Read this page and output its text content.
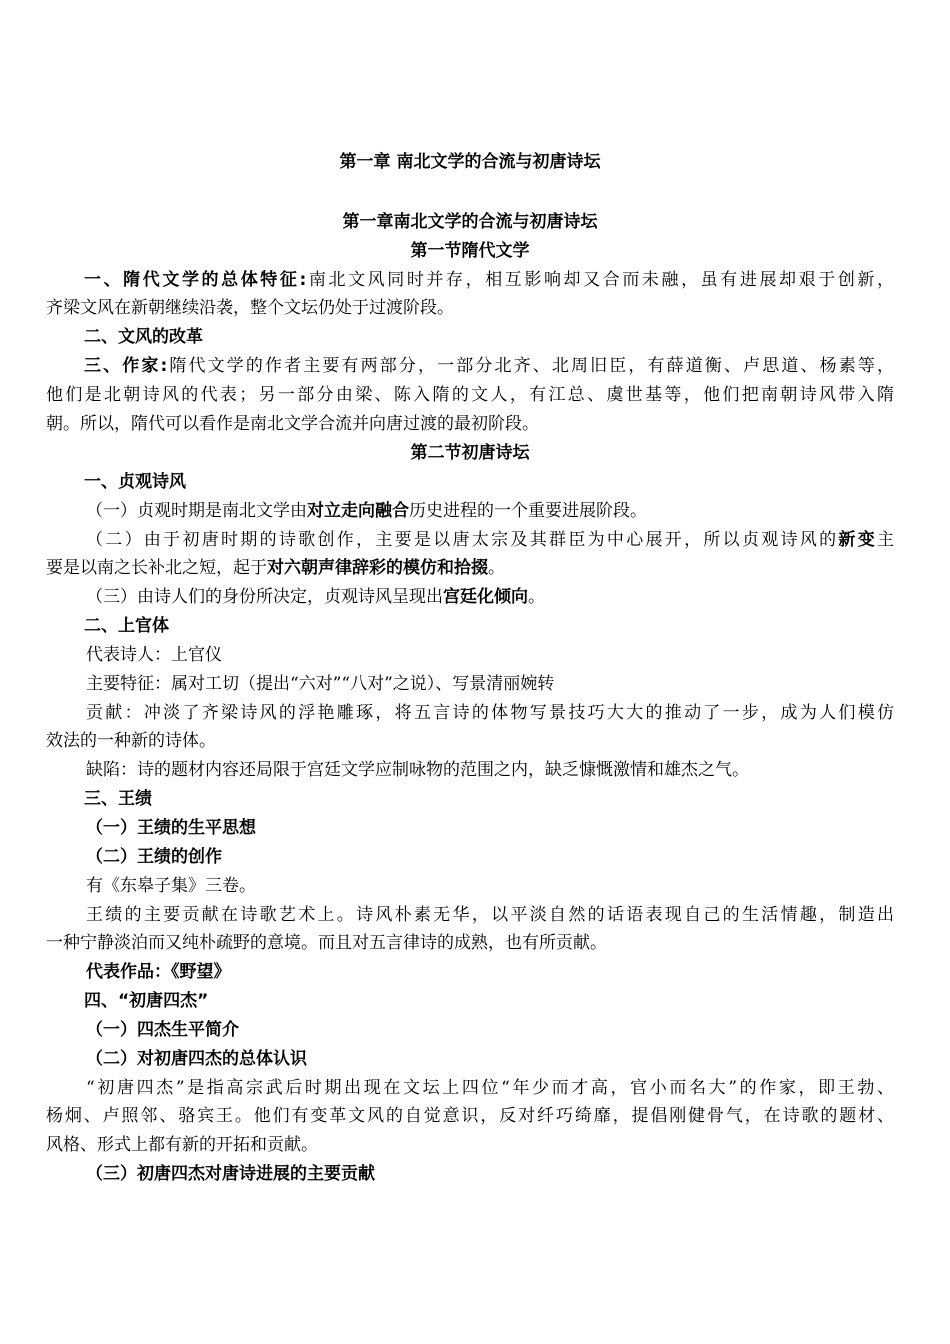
第一章 南北文学的合流与初唐诗坛
第一章南北文学的合流与初唐诗坛
第一节隋代文学
一、隋代文学的总体特征:南北文风同时并存，相互影响却又合而未融，虽有进展却艰于创新，
齐梁文风在新朝继续沿袭，整个文坛仍处于过渡阶段。
二、文风的改革
三、作家:隋代文学的作者主要有两部分，一部分北齐、北周旧臣，有薛道衡、卢思道、杨素等，
他们是北朝诗风的代表；另一部分由梁、陈入隋的文人，有江总、虞世基等，他们把南朝诗风带入隋
朝。所以，隋代可以看作是南北文学合流并向唐过渡的最初阶段。
第二节初唐诗坛
一、贞观诗风
（一）贞观时期是南北文学由对立走向融合历史进程的一个重要进展阶段。
（二）由于初唐时期的诗歌创作，主要是以唐太宗及其群臣为中心展开，所以贞观诗风的新变主
要是以南之长补北之短，起于对六朝声律辞彩的模仿和拾掇。
（三）由诗人们的身份所决定，贞观诗风呈现出宫廷化倾向。
二、上官体
代表诗人：上官仪
主要特征：属对工切（提出“六对”“八对”之说）、写景清丽婉转
贡献：冲淡了齐梁诗风的浮艳雕琢，将五言诗的体物写景技巧大大的推动了一步，成为人们模仿
效法的一种新的诗体。
缺陷：诗的题材内容还局限于宫廷文学应制咏物的范围之内，缺乏慷慨激情和雄杰之气。
三、王绩
（一）王绩的生平思想
（二）王绩的创作
有《东皋子集》三卷。
王绩的主要贡献在诗歌艺术上。诗风朴素无华，以平淡自然的话语表现自己的生活情趣，制造出
一种宁静淡泊而又纯朴疏野的意境。而且对五言律诗的成熟，也有所贡献。
代表作品：《野望》
四、“初唐四杰”
（一）四杰生平简介
（二）对初唐四杰的总体认识
“初唐四杰”是指高宗武后时期出现在文坛上四位“年少而才高，官小而名大”的作家，即王勃、
杨炯、卢照邻、骆宾王。他们有变革文风的自觉意识，反对纤巧绮靡，提倡刚健骨气，在诗歌的题材、
风格、形式上都有新的开拓和贡献。
（三）初唐四杰对唐诗进展的主要贡献
